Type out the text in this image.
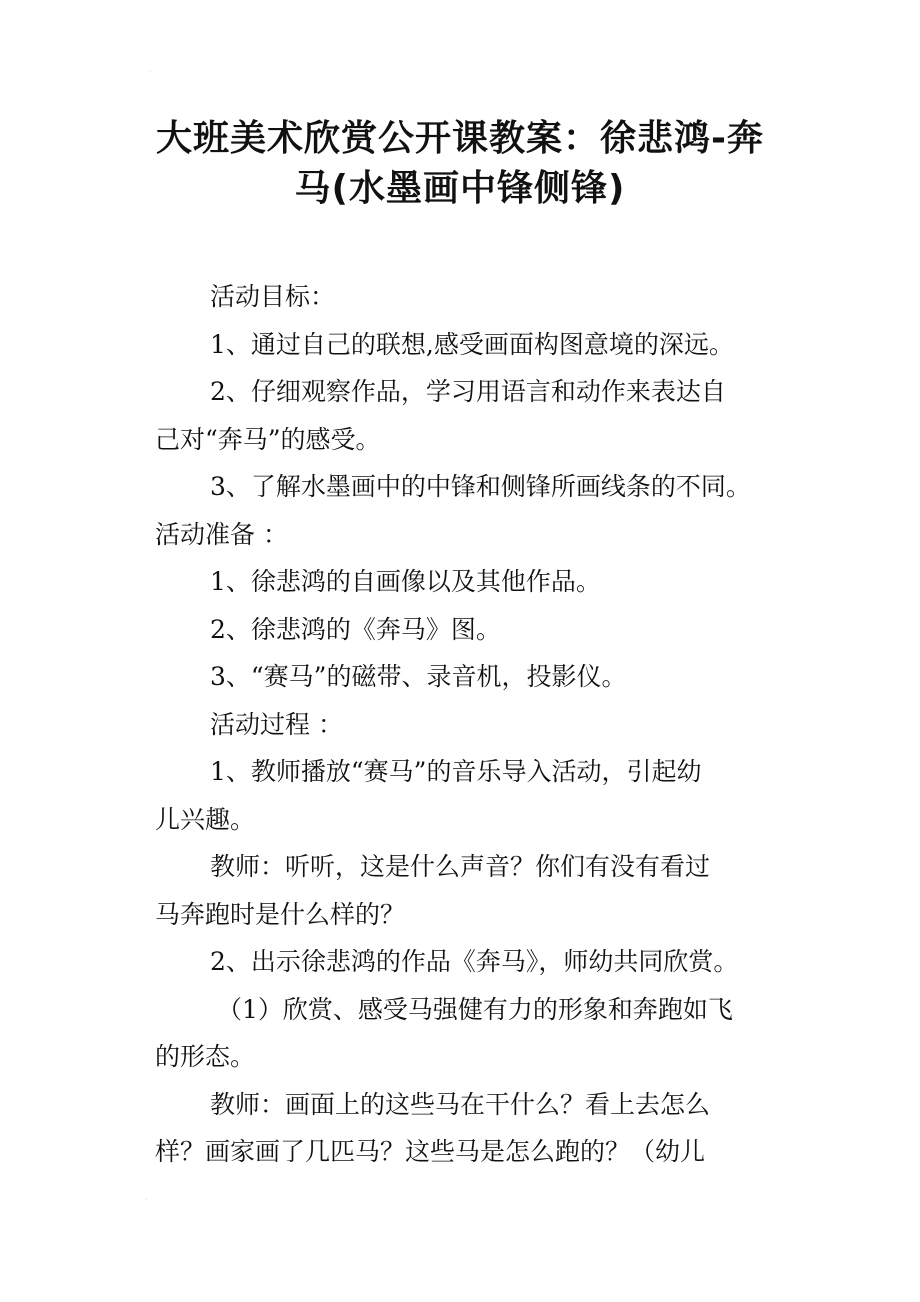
·
大班美术欣赏公开课教案：徐悲鸿-奔
马(水墨画中锋侧锋)
活动目标：
1、通过自己的联想,感受画面构图意境的深远。
2、仔细观察作品，学习用语言和动作来表达自
己对“奔马”的感受。
3、了解水墨画中的中锋和侧锋所画线条的不同。
活动准备 ：
1、徐悲鸿的自画像以及其他作品。
2、徐悲鸿的《奔马》图。
3、“赛马”的磁带、录音机，投影仪。
活动过程 ：
1、教师播放“赛马”的音乐导入活动，引起幼
儿兴趣。
教师：听听，这是什么声音？你们有没有看过
马奔跑时是什么样的？
2、出示徐悲鸿的作品《奔马》，师幼共同欣赏。
（1）欣赏、感受马强健有力的形象和奔跑如飞
的形态。
教师：画面上的这些马在干什么？看上去怎么
样？画家画了几匹马？这些马是怎么跑的？（幼儿
·
